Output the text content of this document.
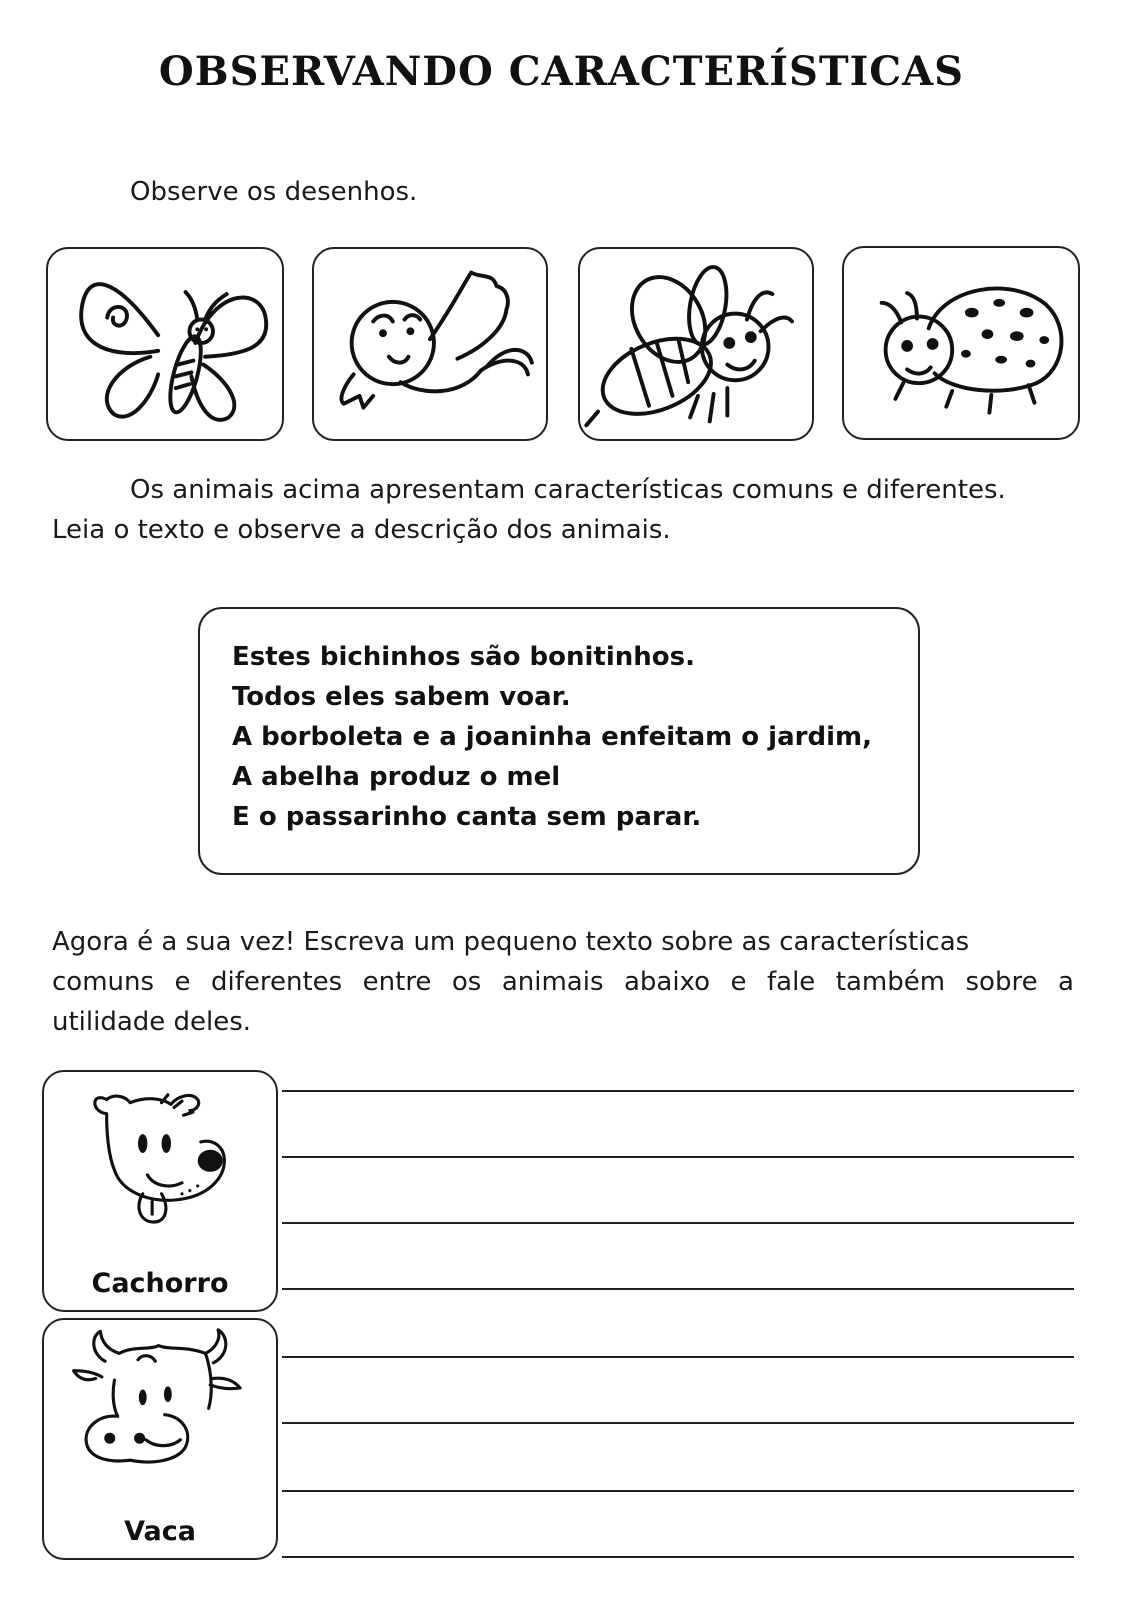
OBSERVANDO CARACTERÍSTICAS

Observe os desenhos.

Os animais acima apresentam características comuns e diferentes.

Leia o texto e observe a descrição dos animais.

Estes bichinhos são bonitinhos.

Todos eles sabem voar.

A borboleta e a joaninha enfeitam o jardim,

A abelha produz o mel

E o passarinho canta sem parar.

Agora é a sua vez! Escreva um pequeno texto sobre as características

comuns e diferentes entre os animais abaixo e fale também sobre a

utilidade deles.

Cachorro
Vaca
